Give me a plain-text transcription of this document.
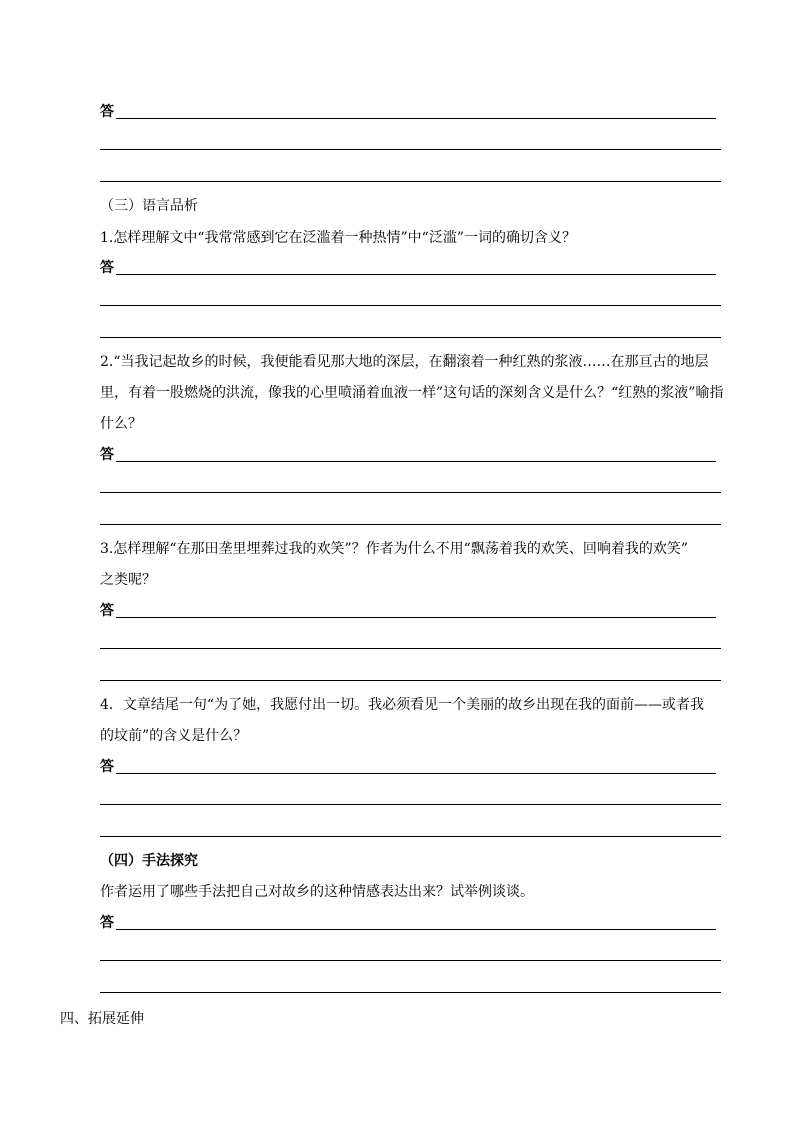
答
（三）语言品析
1.怎样理解文中“我常常感到它在泛滥着一种热情”中“泛滥”一词的确切含义？
答
2.“当我记起故乡的时候，我便能看见那大地的深层，在翻滚着一种红熟的浆液……在那亘古的地层
里，有着一股燃烧的洪流，像我的心里喷涌着血液一样”这句话的深刻含义是什么？“红熟的浆液”喻指
什么？
答
3.怎样理解“在那田垄里埋葬过我的欢笑”？作者为什么不用“飘荡着我的欢笑、回响着我的欢笑”
之类呢？
答
4．文章结尾一句“为了她，我愿付出一切。我必须看见一个美丽的故乡出现在我的面前——或者我
的坟前”的含义是什么？
答
（四）手法探究
作者运用了哪些手法把自己对故乡的这种情感表达出来？试举例谈谈。
答
四、拓展延伸
